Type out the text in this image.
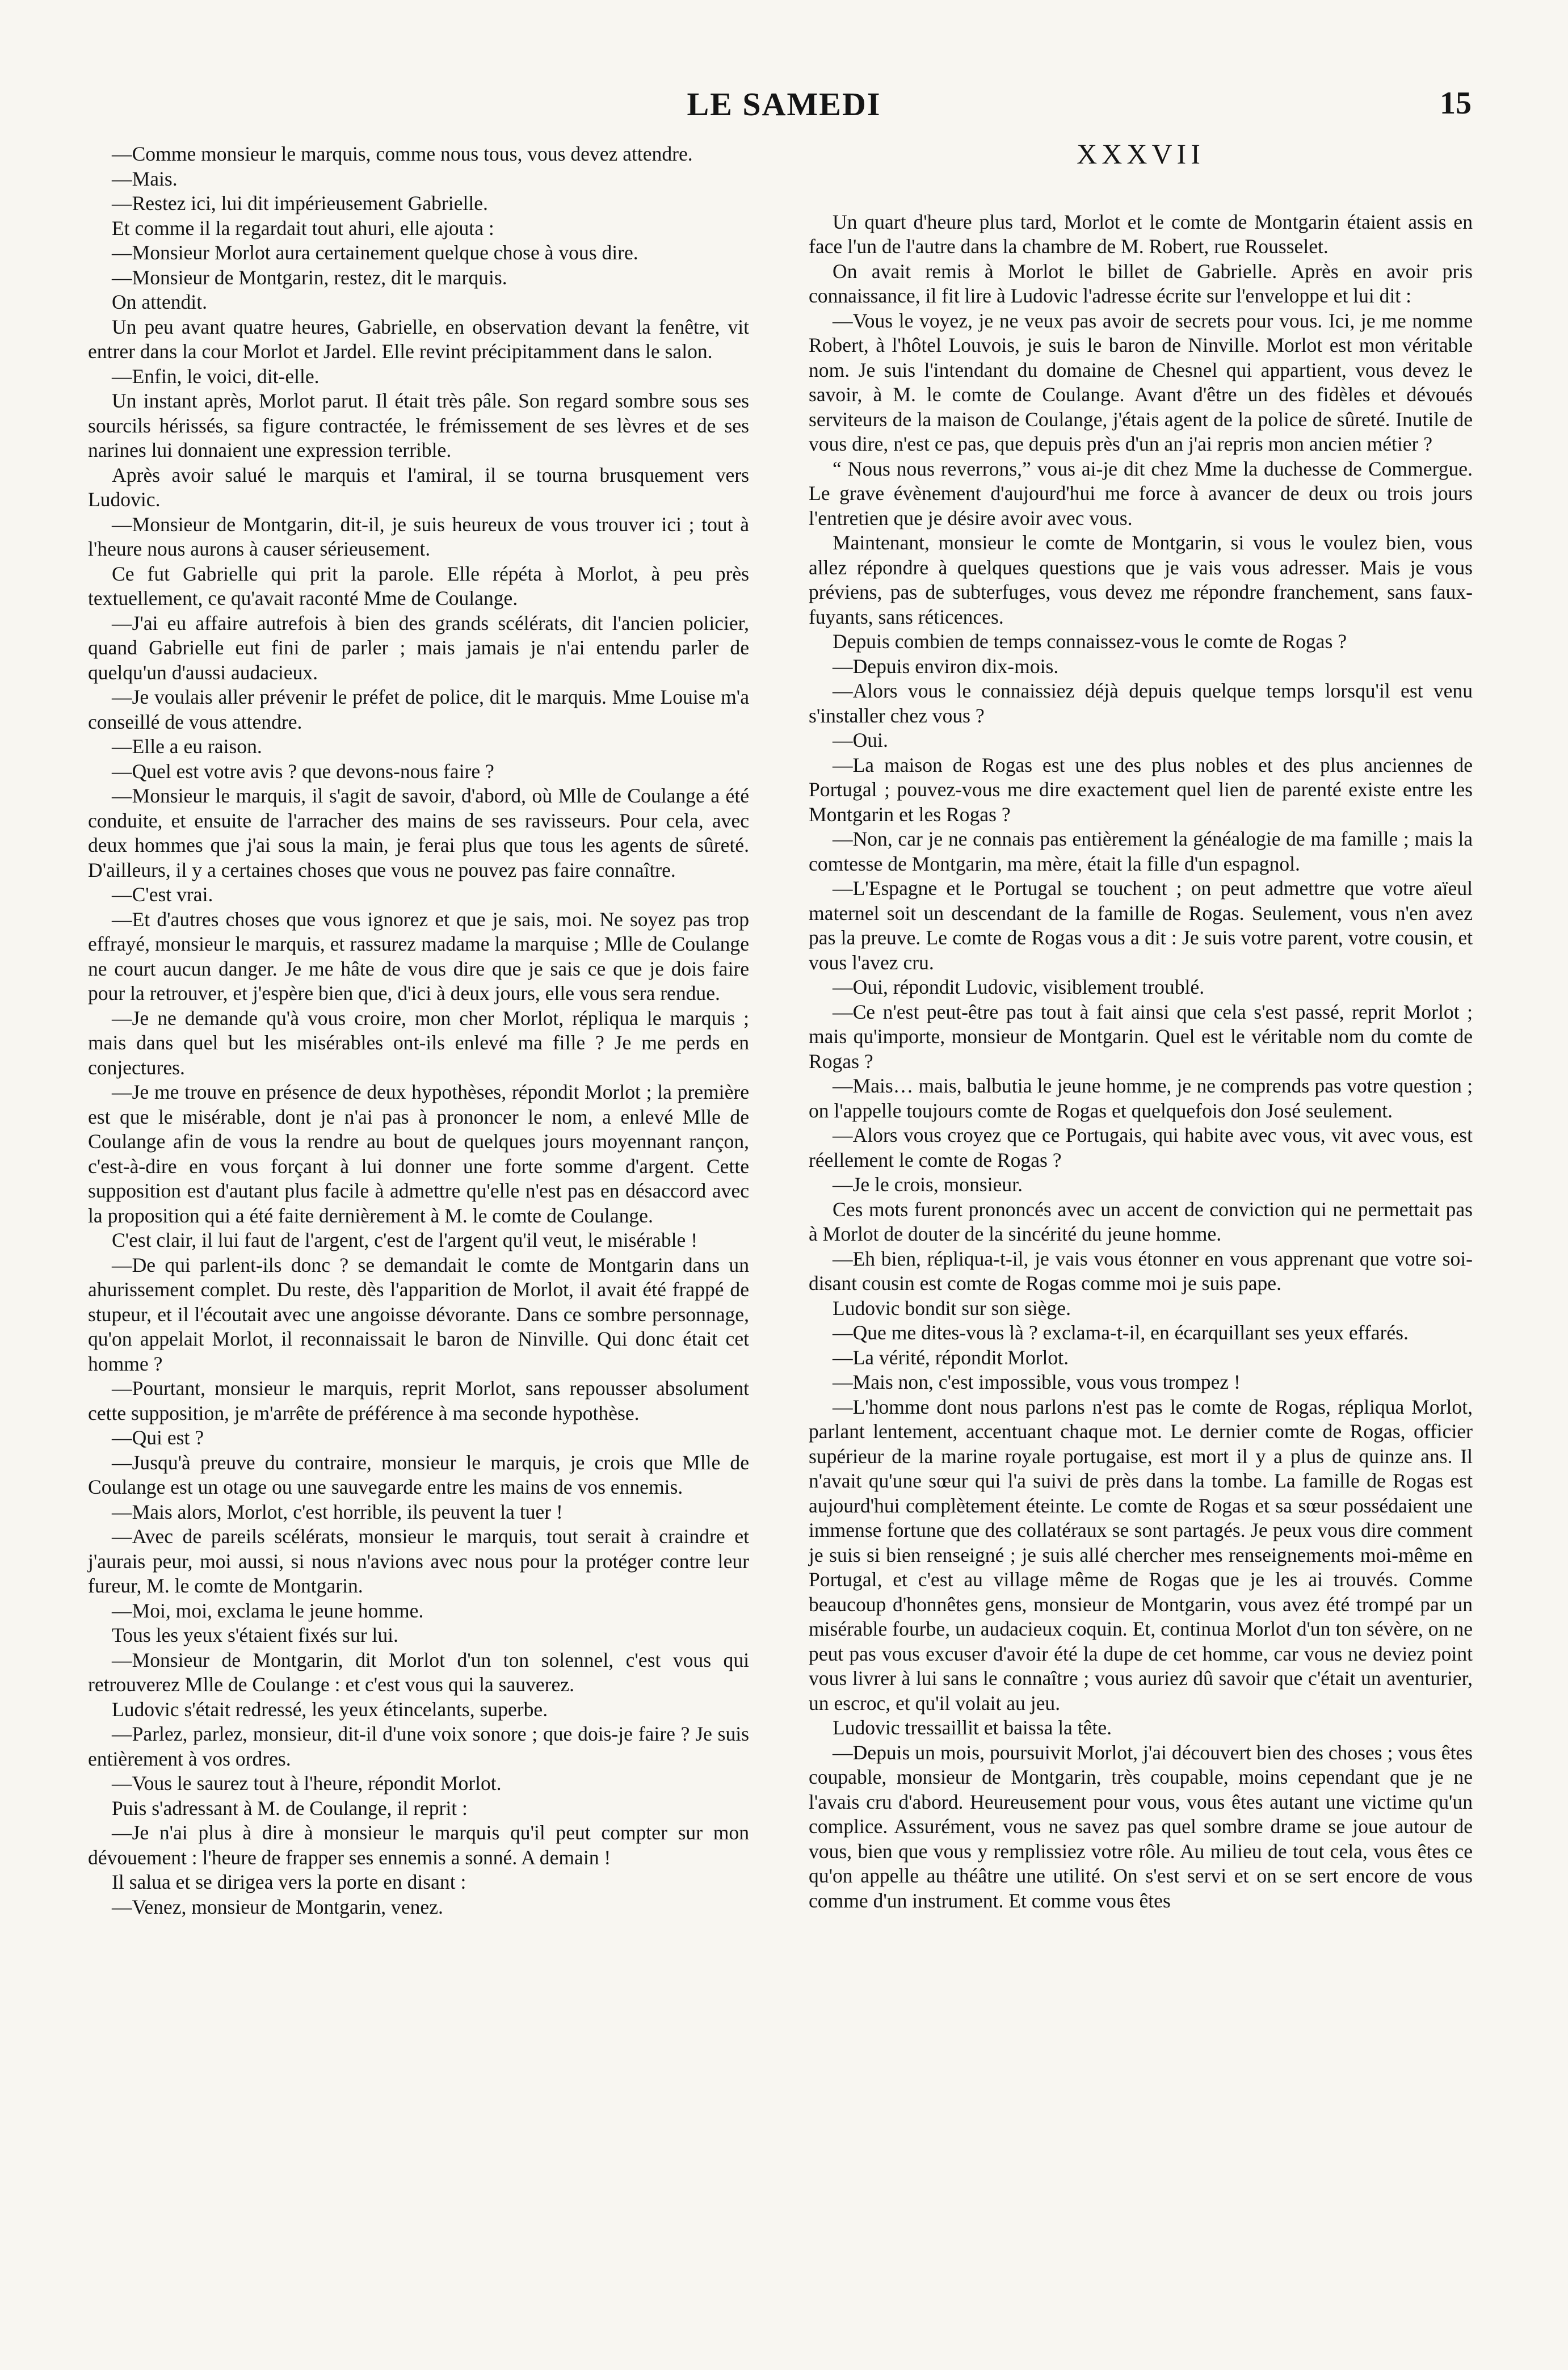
LE SAMEDI	15

—Comme monsieur le marquis, comme nous tous, vous devez attendre.

—Mais.

—Restez ici, lui dit impérieusement Gabrielle.

Et comme il la regardait tout ahuri, elle ajouta :

—Monsieur Morlot aura certainement quelque chose à vous dire.

—Monsieur de Montgarin, restez, dit le marquis.

On attendit.

Un peu avant quatre heures, Gabrielle, en observation devant la fenêtre, vit entrer dans la cour Morlot et Jardel. Elle revint précipitamment dans le salon.

—Enfin, le voici, dit-elle.

Un instant après, Morlot parut. Il était très pâle. Son regard sombre sous ses sourcils hérissés, sa figure contractée, le frémissement de ses lèvres et de ses narines lui donnaient une expression terrible.

Après avoir salué le marquis et l'amiral, il se tourna brusquement vers Ludovic.

—Monsieur de Montgarin, dit-il, je suis heureux de vous trouver ici ; tout à l'heure nous aurons à causer sérieusement.

Ce fut Gabrielle qui prit la parole. Elle répéta à Morlot, à peu près textuellement, ce qu'avait raconté Mme de Coulange.

—J'ai eu affaire autrefois à bien des grands scélérats, dit l'ancien policier, quand Gabrielle eut fini de parler ; mais jamais je n'ai entendu parler de quelqu'un d'aussi audacieux.

—Je voulais aller prévenir le préfet de police, dit le marquis. Mme Louise m'a conseillé de vous attendre.

—Elle a eu raison.

—Quel est votre avis ? que devons-nous faire ?

—Monsieur le marquis, il s'agit de savoir, d'abord, où Mlle de Coulange a été conduite, et ensuite de l'arracher des mains de ses ravisseurs. Pour cela, avec deux hommes que j'ai sous la main, je ferai plus que tous les agents de sûreté. D'ailleurs, il y a certaines choses que vous ne pouvez pas faire connaître.

—C'est vrai.

—Et d'autres choses que vous ignorez et que je sais, moi. Ne soyez pas trop effrayé, monsieur le marquis, et rassurez madame la marquise ; Mlle de Coulange ne court aucun danger. Je me hâte de vous dire que je sais ce que je dois faire pour la retrouver, et j'espère bien que, d'ici à deux jours, elle vous sera rendue.

—Je ne demande qu'à vous croire, mon cher Morlot, répliqua le marquis ; mais dans quel but les misérables ont-ils enlevé ma fille ? Je me perds en conjectures.

—Je me trouve en présence de deux hypothèses, répondit Morlot ; la première est que le misérable, dont je n'ai pas à prononcer le nom, a enlevé Mlle de Coulange afin de vous la rendre au bout de quelques jours moyennant rançon, c'est-à-dire en vous forçant à lui donner une forte somme d'argent. Cette supposition est d'autant plus facile à admettre qu'elle n'est pas en désaccord avec la proposition qui a été faite dernièrement à M. le comte de Coulange.

C'est clair, il lui faut de l'argent, c'est de l'argent qu'il veut, le misérable !

—De qui parlent-ils donc ? se demandait le comte de Montgarin dans un ahurissement complet. Du reste, dès l'apparition de Morlot, il avait été frappé de stupeur, et il l'écoutait avec une angoisse dévorante. Dans ce sombre personnage, qu'on appelait Morlot, il reconnaissait le baron de Ninville. Qui donc était cet homme ?

—Pourtant, monsieur le marquis, reprit Morlot, sans repousser absolument cette supposition, je m'arrête de préférence à ma seconde hypothèse.

—Qui est ?

—Jusqu'à preuve du contraire, monsieur le marquis, je crois que Mlle de Coulange est un otage ou une sauvegarde entre les mains de vos ennemis.

—Mais alors, Morlot, c'est horrible, ils peuvent la tuer !

—Avec de pareils scélérats, monsieur le marquis, tout serait à craindre et j'aurais peur, moi aussi, si nous n'avions avec nous pour la protéger contre leur fureur, M. le comte de Montgarin.

—Moi, moi, exclama le jeune homme.

Tous les yeux s'étaient fixés sur lui.

—Monsieur de Montgarin, dit Morlot d'un ton solennel, c'est vous qui retrouverez Mlle de Coulange : et c'est vous qui la sauverez.

Ludovic s'était redressé, les yeux étincelants, superbe.

—Parlez, parlez, monsieur, dit-il d'une voix sonore ; que dois-je faire ? Je suis entièrement à vos ordres.

—Vous le saurez tout à l'heure, répondit Morlot.

Puis s'adressant à M. de Coulange, il reprit :

—Je n'ai plus à dire à monsieur le marquis qu'il peut compter sur mon dévouement : l'heure de frapper ses ennemis a sonné. A demain !

Il salua et se dirigea vers la porte en disant :

—Venez, monsieur de Montgarin, venez.

XXXVII

Un quart d'heure plus tard, Morlot et le comte de Montgarin étaient assis en face l'un de l'autre dans la chambre de M. Robert, rue Rousselet.

On avait remis à Morlot le billet de Gabrielle. Après en avoir pris connaissance, il fit lire à Ludovic l'adresse écrite sur l'enveloppe et lui dit :

—Vous le voyez, je ne veux pas avoir de secrets pour vous. Ici, je me nomme Robert, à l'hôtel Louvois, je suis le baron de Ninville. Morlot est mon véritable nom. Je suis l'intendant du domaine de Chesnel qui appartient, vous devez le savoir, à M. le comte de Coulange. Avant d'être un des fidèles et dévoués serviteurs de la maison de Coulange, j'étais agent de la police de sûreté. Inutile de vous dire, n'est ce pas, que depuis près d'un an j'ai repris mon ancien métier ?

“ Nous nous reverrons,” vous ai-je dit chez Mme la duchesse de Commergue. Le grave évènement d'aujourd'hui me force à avancer de deux ou trois jours l'entretien que je désire avoir avec vous.

Maintenant, monsieur le comte de Montgarin, si vous le voulez bien, vous allez répondre à quelques questions que je vais vous adresser. Mais je vous préviens, pas de subterfuges, vous devez me répondre franchement, sans faux-fuyants, sans réticences.

Depuis combien de temps connaissez-vous le comte de Rogas ?

—Depuis environ dix-mois.

—Alors vous le connaissiez déjà depuis quelque temps lorsqu'il est venu s'installer chez vous ?

—Oui.

—La maison de Rogas est une des plus nobles et des plus anciennes de Portugal ; pouvez-vous me dire exactement quel lien de parenté existe entre les Montgarin et les Rogas ?

—Non, car je ne connais pas entièrement la généalogie de ma famille ; mais la comtesse de Montgarin, ma mère, était la fille d'un espagnol.

—L'Espagne et le Portugal se touchent ; on peut admettre que votre aïeul maternel soit un descendant de la famille de Rogas. Seulement, vous n'en avez pas la preuve. Le comte de Rogas vous a dit : Je suis votre parent, votre cousin, et vous l'avez cru.

—Oui, répondit Ludovic, visiblement troublé.

—Ce n'est peut-être pas tout à fait ainsi que cela s'est passé, reprit Morlot ; mais qu'importe, monsieur de Montgarin. Quel est le véritable nom du comte de Rogas ?

—Mais… mais, balbutia le jeune homme, je ne comprends pas votre question ; on l'appelle toujours comte de Rogas et quelquefois don José seulement.

—Alors vous croyez que ce Portugais, qui habite avec vous, vit avec vous, est réellement le comte de Rogas ?

—Je le crois, monsieur.

Ces mots furent prononcés avec un accent de conviction qui ne permettait pas à Morlot de douter de la sincérité du jeune homme.

—Eh bien, répliqua-t-il, je vais vous étonner en vous apprenant que votre soi-disant cousin est comte de Rogas comme moi je suis pape.

Ludovic bondit sur son siège.

—Que me dites-vous là ? exclama-t-il, en écarquillant ses yeux effarés.

—La vérité, répondit Morlot.

—Mais non, c'est impossible, vous vous trompez !

—L'homme dont nous parlons n'est pas le comte de Rogas, répliqua Morlot, parlant lentement, accentuant chaque mot. Le dernier comte de Rogas, officier supérieur de la marine royale portugaise, est mort il y a plus de quinze ans. Il n'avait qu'une sœur qui l'a suivi de près dans la tombe. La famille de Rogas est aujourd'hui complètement éteinte. Le comte de Rogas et sa sœur possédaient une immense fortune que des collatéraux se sont partagés. Je peux vous dire comment je suis si bien renseigné ; je suis allé chercher mes renseignements moi-même en Portugal, et c'est au village même de Rogas que je les ai trouvés. Comme beaucoup d'honnêtes gens, monsieur de Montgarin, vous avez été trompé par un misérable fourbe, un audacieux coquin. Et, continua Morlot d'un ton sévère, on ne peut pas vous excuser d'avoir été la dupe de cet homme, car vous ne deviez point vous livrer à lui sans le connaître ; vous auriez dû savoir que c'était un aventurier, un escroc, et qu'il volait au jeu.

Ludovic tressaillit et baissa la tête.

—Depuis un mois, poursuivit Morlot, j'ai découvert bien des choses ; vous êtes coupable, monsieur de Montgarin, très coupable, moins cependant que je ne l'avais cru d'abord. Heureusement pour vous, vous êtes autant une victime qu'un complice. Assurément, vous ne savez pas quel sombre drame se joue autour de vous, bien que vous y remplissiez votre rôle. Au milieu de tout cela, vous êtes ce qu'on appelle au théâtre une utilité. On s'est servi et on se sert encore de vous comme d'un instrument. Et comme vous êtes
